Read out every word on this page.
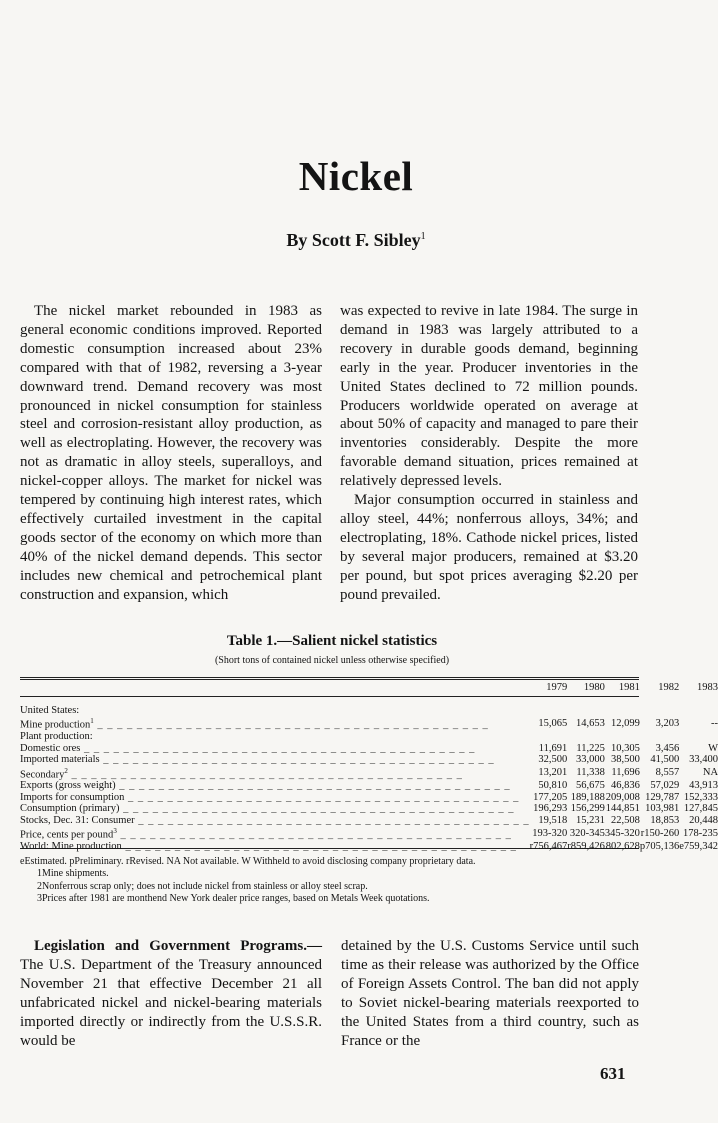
Nickel
By Scott F. Sibley$^1$

The nickel market rebounded in 1983 as general economic conditions improved. Reported domestic consumption increased about 23% compared with that of 1982, reversing a 3-year downward trend. Demand recovery was most pronounced in nickel consumption for stainless steel and corrosion-resistant alloy production, as well as electroplating. However, the recovery was not as dramatic in alloy steels, superalloys, and nickel-copper alloys. The market for nickel was tempered by continuing high interest rates, which effectively curtailed investment in the capital goods sector of the economy on which more than 40% of the nickel demand depends. This sector includes new chemical and petrochemical plant construction and expansion, which

was expected to revive in late 1984. The surge in demand in 1983 was largely attributed to a recovery in durable goods demand, beginning early in the year. Producer inventories in the United States declined to 72 million pounds. Producers worldwide operated on average at about 50% of capacity and managed to pare their inventories considerably. Despite the more favorable demand situation, prices remained at relatively depressed levels.

Major consumption occurred in stainless and alloy steel, 44%; nonferrous alloys, 34%; and electroplating, 18%. Cathode nickel prices, listed by several major producers, remained at $3.20 per pound, but spot prices averaging $2.20 per pound prevailed.

Table 1.—Salient nickel statistics
(Short tons of contained nickel unless otherwise specified)
	1979	1980	1981	1982	1983

United States:					
Mine production$^1$ _ _ _ _ _ _ _ _ _ _ _ _ _ _ _ _ _ _ _ _ _ _ _ _ _ _ _ _ _ _ _ _ _ _ _ _ _ _ _ _	15,065	14,653	12,099	3,203	--
Plant production:					
Domestic ores _ _ _ _ _ _ _ _ _ _ _ _ _ _ _ _ _ _ _ _ _ _ _ _ _ _ _ _ _ _ _ _ _ _ _ _ _ _ _ _	11,691	11,225	10,305	3,456	W
Imported materials _ _ _ _ _ _ _ _ _ _ _ _ _ _ _ _ _ _ _ _ _ _ _ _ _ _ _ _ _ _ _ _ _ _ _ _ _ _ _ _	32,500	33,000	38,500	41,500	33,400
Secondary$^2$ _ _ _ _ _ _ _ _ _ _ _ _ _ _ _ _ _ _ _ _ _ _ _ _ _ _ _ _ _ _ _ _ _ _ _ _ _ _ _ _	13,201	11,338	11,696	8,557	NA
Exports (gross weight) _ _ _ _ _ _ _ _ _ _ _ _ _ _ _ _ _ _ _ _ _ _ _ _ _ _ _ _ _ _ _ _ _ _ _ _ _ _ _ _	50,810	56,675	46,836	57,029	43,913
Imports for consumption _ _ _ _ _ _ _ _ _ _ _ _ _ _ _ _ _ _ _ _ _ _ _ _ _ _ _ _ _ _ _ _ _ _ _ _ _ _ _ _	177,205	189,188	209,008	129,787	152,333
Consumption (primary) _ _ _ _ _ _ _ _ _ _ _ _ _ _ _ _ _ _ _ _ _ _ _ _ _ _ _ _ _ _ _ _ _ _ _ _ _ _ _ _	196,293	156,299	144,851	103,981	127,845
Stocks, Dec. 31: Consumer _ _ _ _ _ _ _ _ _ _ _ _ _ _ _ _ _ _ _ _ _ _ _ _ _ _ _ _ _ _ _ _ _ _ _ _ _ _ _ _	19,518	15,231	22,508	18,853	20,448
Price, cents per pound$^3$ _ _ _ _ _ _ _ _ _ _ _ _ _ _ _ _ _ _ _ _ _ _ _ _ _ _ _ _ _ _ _ _ _ _ _ _ _ _ _ _	193-320	320-345	345-320	r150-260	178-235
World: Mine production _ _ _ _ _ _ _ _ _ _ _ _ _ _ _ _ _ _ _ _ _ _ _ _ _ _ _ _ _ _ _ _ _ _ _ _ _ _ _ _	r756,467	r859,426	802,628	p705,136	e759,342
eEstimated. pPreliminary. rRevised. NA Not available. W Withheld to avoid disclosing company proprietary data.
1Mine shipments.
2Nonferrous scrap only; does not include nickel from stainless or alloy steel scrap.
3Prices after 1981 are monthend New York dealer price ranges, based on Metals Week quotations.

Legislation and Government Programs.—The U.S. Department of the Treasury announced November 21 that effective December 21 all unfabricated nickel and nickel-bearing materials imported directly or indirectly from the U.S.S.R. would be

detained by the U.S. Customs Service until such time as their release was authorized by the Office of Foreign Assets Control. The ban did not apply to Soviet nickel-bearing materials reexported to the United States from a third country, such as France or the

631
